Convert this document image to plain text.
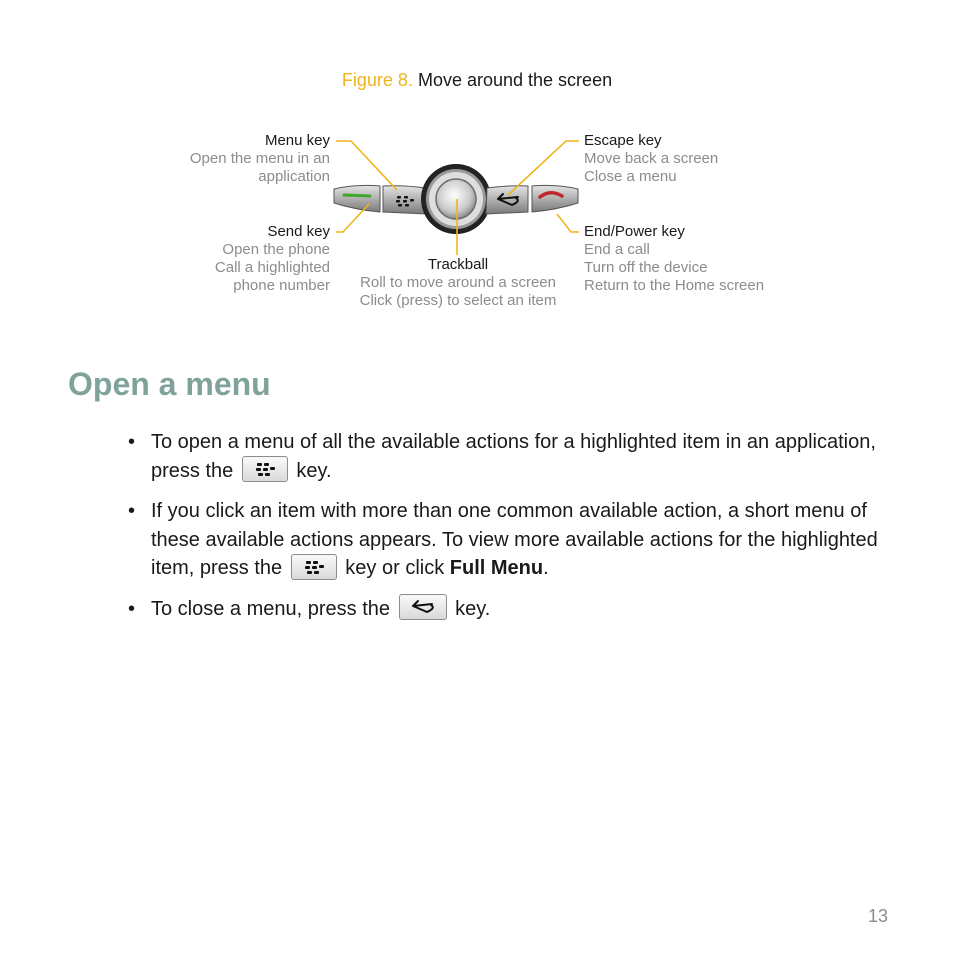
Figure 8. Move around the screen
Menu key
Open the menu in an
application
Send key
Open the phone
Call a highlighted
phone number
Trackball
Roll to move around a screen
Click (press) to select an item
Escape key
Move back a screen
Close a menu
End/Power key
End a call
Turn off the device
Return to the Home screen
Open a menu
• To open a menu of all the available actions for a highlighted item in an application, press the	key.
• If you click an item with more than one common available action, a short menu of these available actions appears. To view more available actions for the highlighted item, press the	key or click Full Menu.
• To close a menu, press the	key.
13
